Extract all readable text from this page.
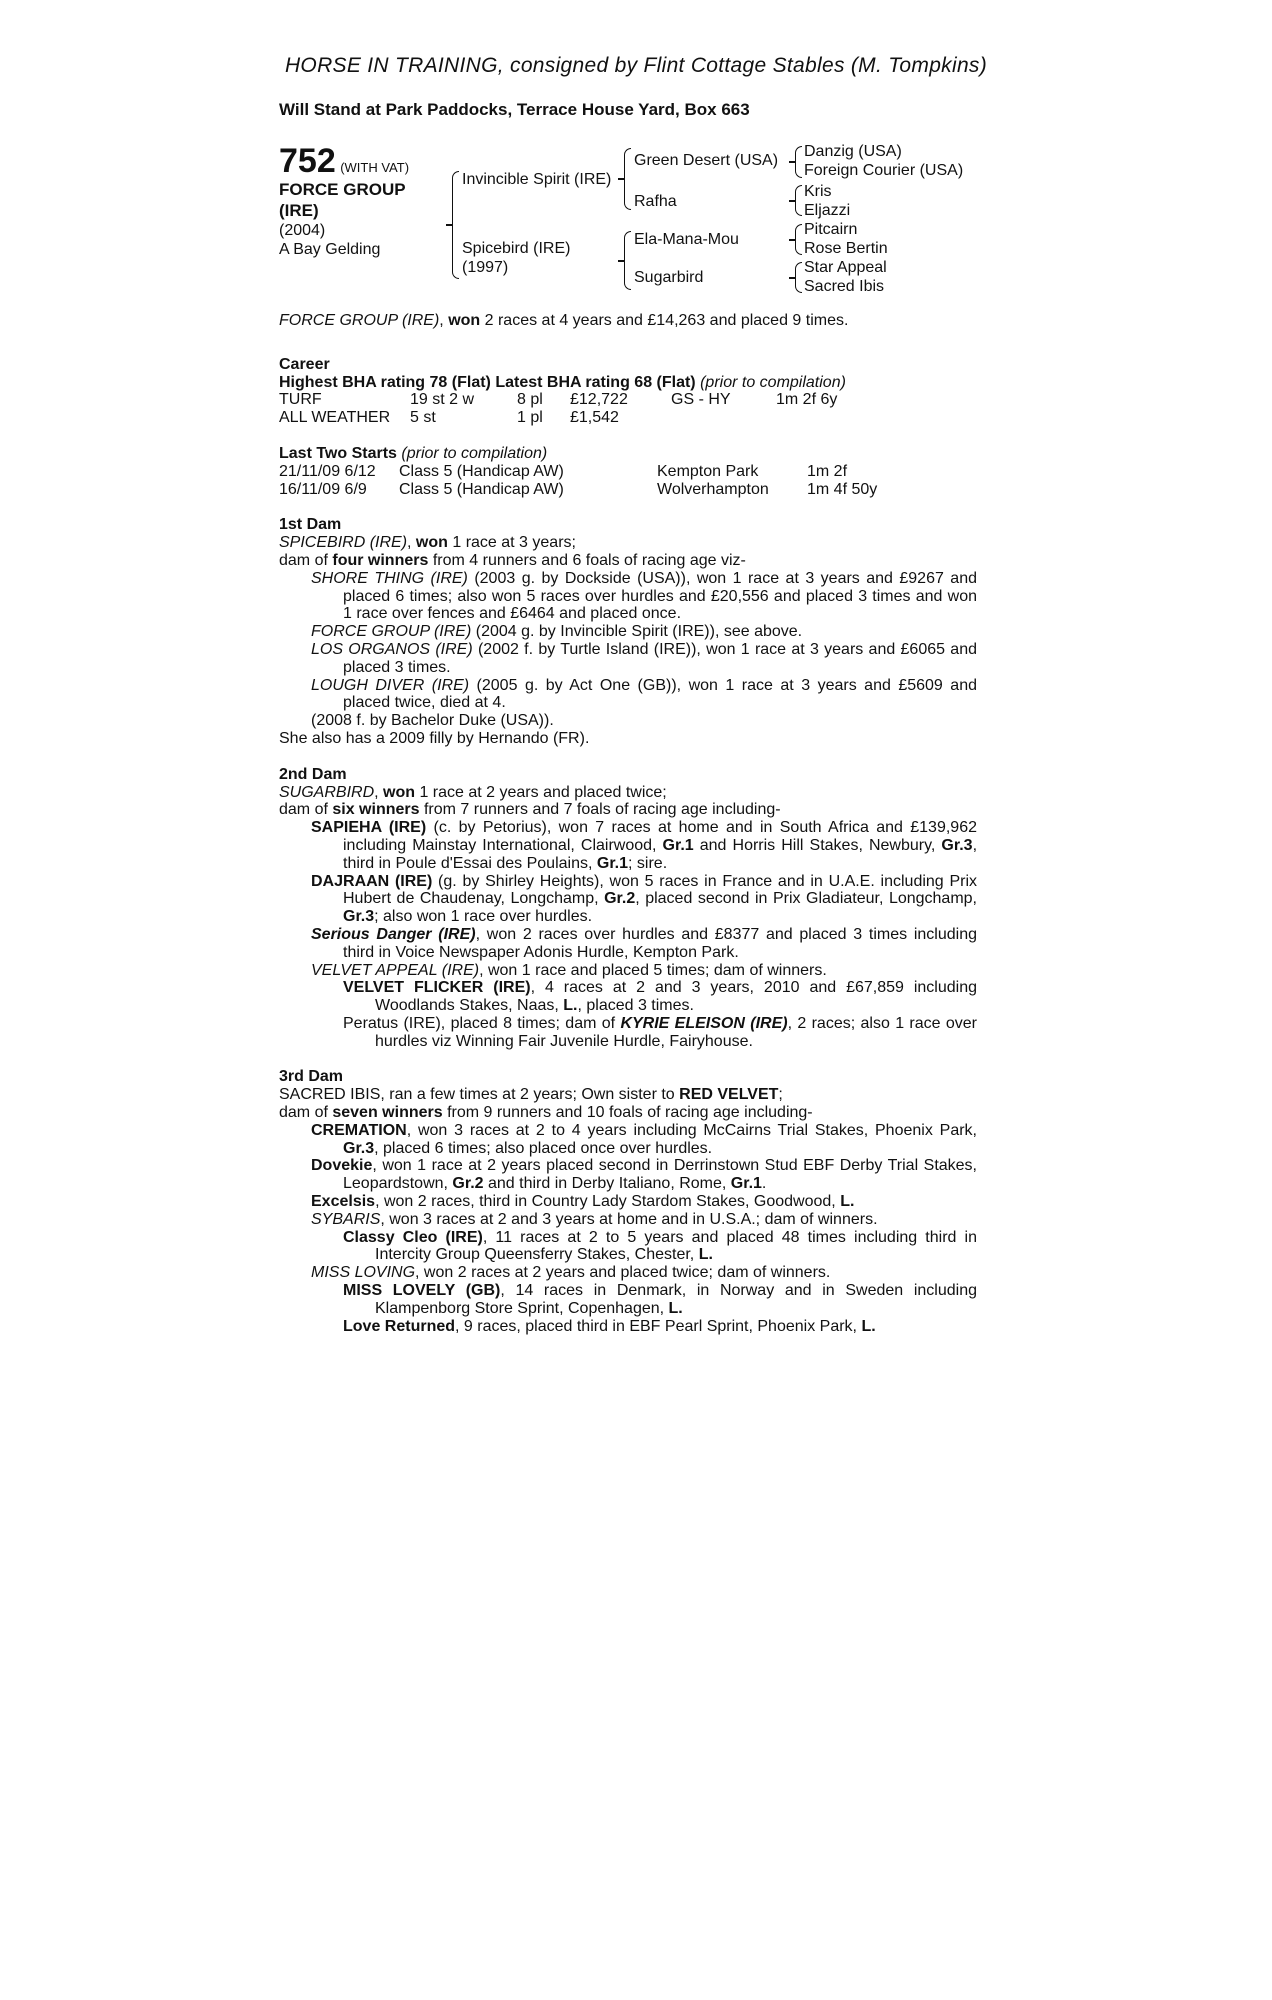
HORSE IN TRAINING, consigned by Flint Cottage Stables (M. Tompkins)
Will Stand at Park Paddocks, Terrace House Yard, Box 663
752 (WITH VAT)
FORCE GROUP
(IRE)
(2004)
A Bay Gelding
Invincible Spirit (IRE)
Spicebird (IRE)
(1997)
Green Desert (USA)
Rafha
Ela-Mana-Mou
Sugarbird
Danzig (USA)
Foreign Courier (USA)
Kris
Eljazzi
Pitcairn
Rose Bertin
Star Appeal
Sacred Ibis

FORCE GROUP (IRE), won 2 races at 4 years and £14,263 and placed 9 times.

Career

Highest BHA rating 78 (Flat) Latest BHA rating 68 (Flat) (prior to compilation)

TURF	19 st 2 w	8 pl	£12,722	GS - HY	1m 2f 6y
ALL WEATHER	5 st	1 pl	£1,542

Last Two Starts (prior to compilation)

21/11/09 6/12	Class 5 (Handicap AW)	Kempton Park	1m 2f
16/11/09 6/9	Class 5 (Handicap AW)	Wolverhampton	1m 4f 50y

1st Dam

SPICEBIRD (IRE), won 1 race at 3 years;

dam of four winners from 4 runners and 6 foals of racing age viz-

SHORE THING (IRE) (2003 g. by Dockside (USA)), won 1 race at 3 years and £9267 and placed 6 times; also won 5 races over hurdles and £20,556 and placed 3 times and won 1 race over fences and £6464 and placed once.

FORCE GROUP (IRE) (2004 g. by Invincible Spirit (IRE)), see above.

LOS ORGANOS (IRE) (2002 f. by Turtle Island (IRE)), won 1 race at 3 years and £6065 and placed 3 times.

LOUGH DIVER (IRE) (2005 g. by Act One (GB)), won 1 race at 3 years and £5609 and placed twice, died at 4.

(2008 f. by Bachelor Duke (USA)).

She also has a 2009 filly by Hernando (FR).

2nd Dam

SUGARBIRD, won 1 race at 2 years and placed twice;

dam of six winners from 7 runners and 7 foals of racing age including-

SAPIEHA (IRE) (c. by Petorius), won 7 races at home and in South Africa and £139,962 including Mainstay International, Clairwood, Gr.1 and Horris Hill Stakes, Newbury, Gr.3, third in Poule d'Essai des Poulains, Gr.1; sire.

DAJRAAN (IRE) (g. by Shirley Heights), won 5 races in France and in U.A.E. including Prix Hubert de Chaudenay, Longchamp, Gr.2, placed second in Prix Gladiateur, Longchamp, Gr.3; also won 1 race over hurdles.

Serious Danger (IRE), won 2 races over hurdles and £8377 and placed 3 times including third in Voice Newspaper Adonis Hurdle, Kempton Park.

VELVET APPEAL (IRE), won 1 race and placed 5 times; dam of winners.

VELVET FLICKER (IRE), 4 races at 2 and 3 years, 2010 and £67,859 including Woodlands Stakes, Naas, L., placed 3 times.

Peratus (IRE), placed 8 times; dam of KYRIE ELEISON (IRE), 2 races; also 1 race over hurdles viz Winning Fair Juvenile Hurdle, Fairyhouse.

3rd Dam

SACRED IBIS, ran a few times at 2 years; Own sister to RED VELVET;

dam of seven winners from 9 runners and 10 foals of racing age including-

CREMATION, won 3 races at 2 to 4 years including McCairns Trial Stakes, Phoenix Park, Gr.3, placed 6 times; also placed once over hurdles.

Dovekie, won 1 race at 2 years placed second in Derrinstown Stud EBF Derby Trial Stakes, Leopardstown, Gr.2 and third in Derby Italiano, Rome, Gr.1.

Excelsis, won 2 races, third in Country Lady Stardom Stakes, Goodwood, L.

SYBARIS, won 3 races at 2 and 3 years at home and in U.S.A.; dam of winners.

Classy Cleo (IRE), 11 races at 2 to 5 years and placed 48 times including third in Intercity Group Queensferry Stakes, Chester, L.

MISS LOVING, won 2 races at 2 years and placed twice; dam of winners.

MISS LOVELY (GB), 14 races in Denmark, in Norway and in Sweden including Klampenborg Store Sprint, Copenhagen, L.

Love Returned, 9 races, placed third in EBF Pearl Sprint, Phoenix Park, L.
